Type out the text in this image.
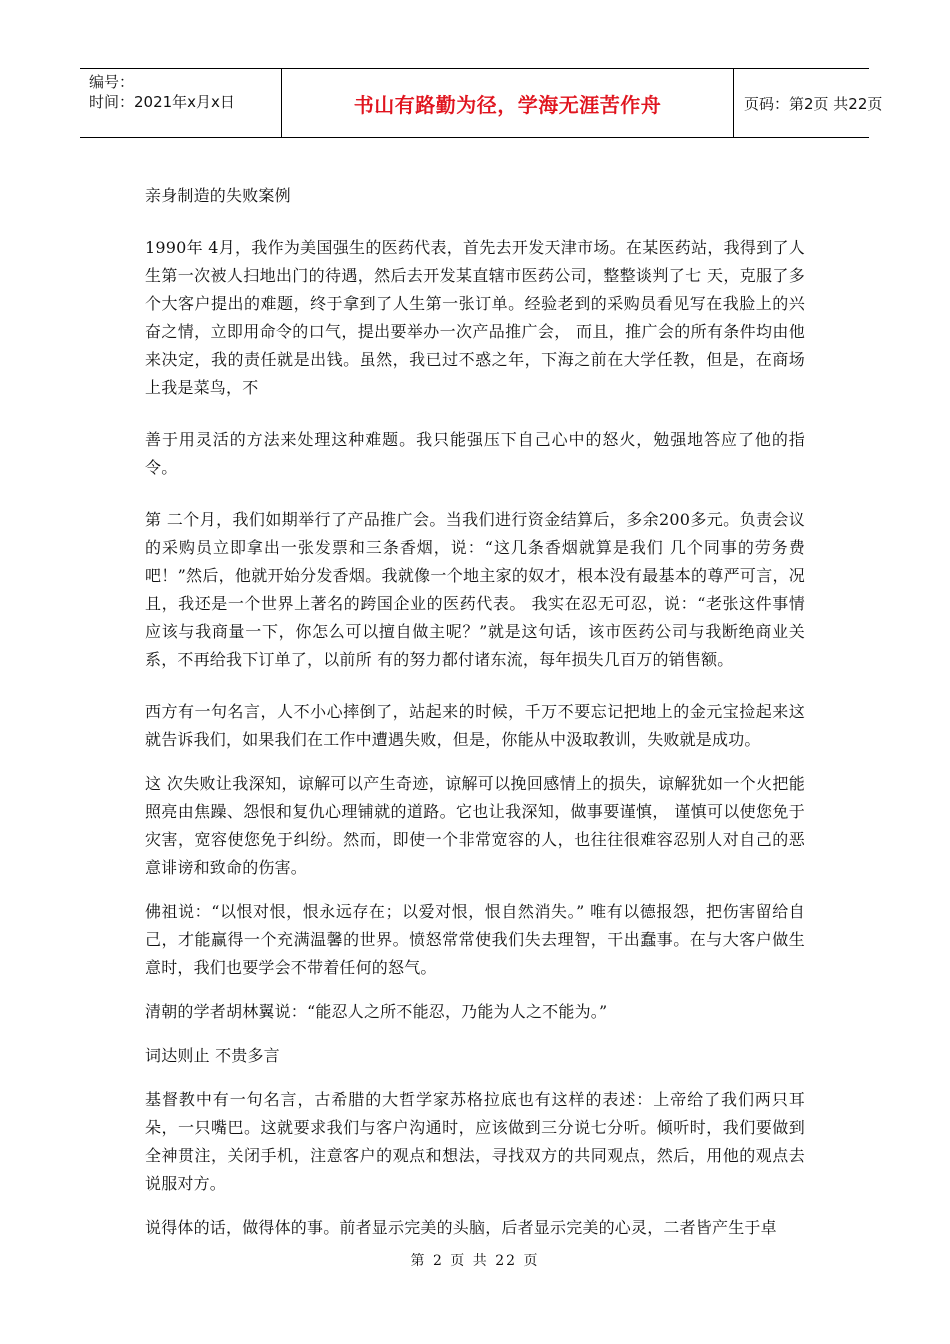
编号：
时间：2021年x月x日	书山有路勤为径，学海无涯苦作舟	页码：第2页 共22页

亲身制造的失败案例

1990年 4月，我作为美国强生的医药代表，首先去开发天津市场。在某医药站，我得到了人生第一次被人扫地出门的待遇，然后去开发某直辖市医药公司，整整谈判了七 天，克服了多个大客户提出的难题，终于拿到了人生第一张订单。经验老到的采购员看见写在我脸上的兴奋之情，立即用命令的口气，提出要举办一次产品推广会， 而且，推广会的所有条件均由他来决定，我的责任就是出钱。虽然，我已过不惑之年，下海之前在大学任教，但是，在商场上我是菜鸟，不

善于用灵活的方法来处理这种难题。我只能强压下自己心中的怒火，勉强地答应了他的指令。

第 二个月，我们如期举行了产品推广会。当我们进行资金结算后，多余200多元。负责会议的采购员立即拿出一张发票和三条香烟，说：“这几条香烟就算是我们 几个同事的劳务费吧！”然后，他就开始分发香烟。我就像一个地主家的奴才，根本没有最基本的尊严可言，况且，我还是一个世界上著名的跨国企业的医药代表。 我实在忍无可忍，说：“老张这件事情应该与我商量一下，你怎么可以擅自做主呢？”就是这句话，该市医药公司与我断绝商业关系，不再给我下订单了，以前所 有的努力都付诸东流，每年损失几百万的销售额。

西方有一句名言，人不小心摔倒了，站起来的时候，千万不要忘记把地上的金元宝捡起来这就告诉我们，如果我们在工作中遭遇失败，但是，你能从中汲取教训，失败就是成功。

这 次失败让我深知，谅解可以产生奇迹，谅解可以挽回感情上的损失，谅解犹如一个火把能照亮由焦躁、怨恨和复仇心理铺就的道路。它也让我深知，做事要谨慎， 谨慎可以使您免于灾害，宽容使您免于纠纷。然而，即使一个非常宽容的人，也往往很难容忍别人对自己的恶意诽谤和致命的伤害。

佛祖说：“以恨对恨，恨永远存在；以爱对恨，恨自然消失。” 唯有以德报怨，把伤害留给自己，才能赢得一个充满温馨的世界。愤怒常常使我们失去理智，干出蠢事。在与大客户做生意时，我们也要学会不带着任何的怒气。

清朝的学者胡林翼说：“能忍人之所不能忍，乃能为人之不能为。”

词达则止 不贵多言

基督教中有一句名言，古希腊的大哲学家苏格拉底也有这样的表述：上帝给了我们两只耳朵，一只嘴巴。这就要求我们与客户沟通时，应该做到三分说七分听。倾听时，我们要做到全神贯注，关闭手机，注意客户的观点和想法，寻找双方的共同观点，然后，用他的观点去说服对方。

说得体的话，做得体的事。前者显示完美的头脑，后者显示完美的心灵，二者皆产生于卓

第 2 页 共 22 页
